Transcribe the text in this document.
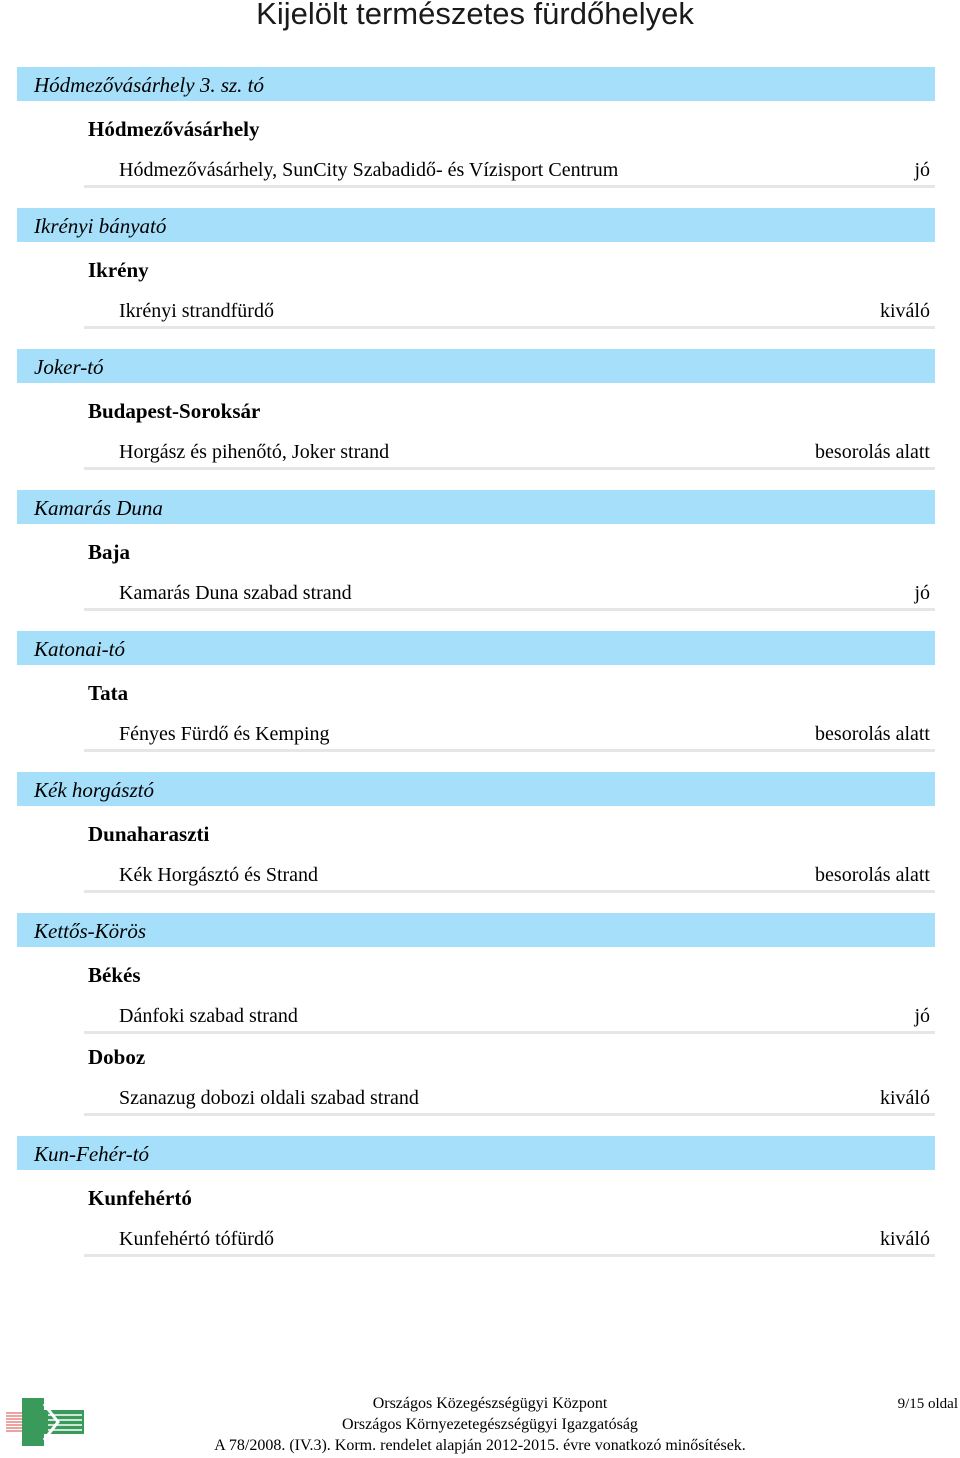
Kijelölt természetes fürdőhelyek
Hódmezővásárhely 3. sz. tó
Hódmezővásárhely
Hódmezővásárhely, SunCity Szabadidő- és Vízisport Centrum	jó
Ikrényi bányató
Ikrény
Ikrényi strandfürdő	kiváló
Joker-tó
Budapest-Soroksár
Horgász és pihenőtó, Joker strand	besorolás alatt
Kamarás Duna
Baja
Kamarás Duna szabad strand	jó
Katonai-tó
Tata
Fényes Fürdő és Kemping	besorolás alatt
Kék horgásztó
Dunaharaszti
Kék Horgásztó és Strand	besorolás alatt
Kettős-Körös
Békés
Dánfoki szabad strand	jó
Doboz
Szanazug dobozi oldali szabad strand	kiváló
Kun-Fehér-tó
Kunfehértó
Kunfehértó tófürdő	kiváló
Országos Közegészségügyi Központ
Országos Környezetegészségügyi Igazgatóság
A 78/2008. (IV.3). Korm. rendelet alapján 2012-2015. évre vonatkozó minősítések.
9/15 oldal
